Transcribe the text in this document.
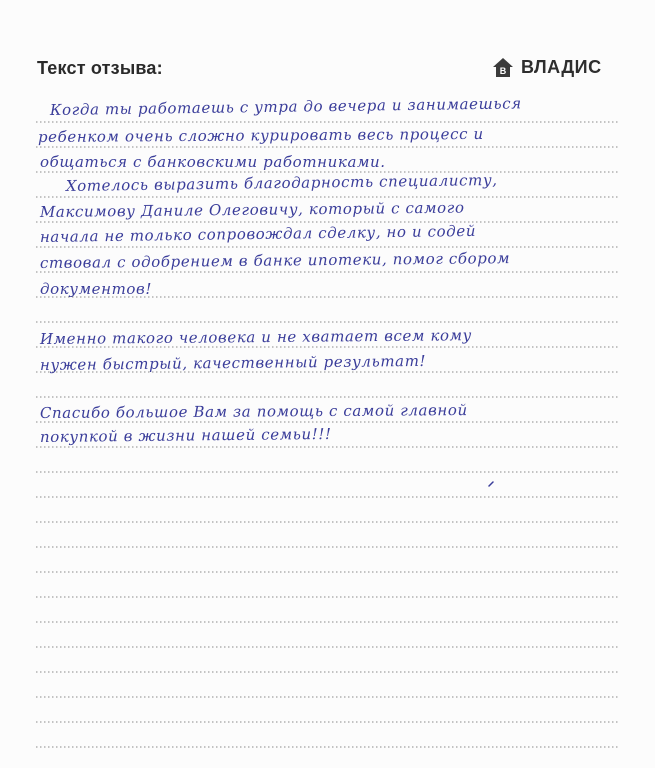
Текст отзыва:	В ВЛАДИС
Когда ты работаешь с утра до вечера и занимаешься
ребенком очень сложно курировать весь процесс и
общаться с банковскими работниками.
Хотелось выразить благодарность специалисту,
Максимову Даниле Олеговичу, который с самого
начала не только сопровождал сделку, но и содей
ствовал с одобрением в банке ипотеки, помог сбором
документов!
Именно такого человека и не хватает всем кому
нужен быстрый, качественный результат!
Спасибо большое Вам за помощь с самой главной
покупкой в жизни нашей семьи!!!
